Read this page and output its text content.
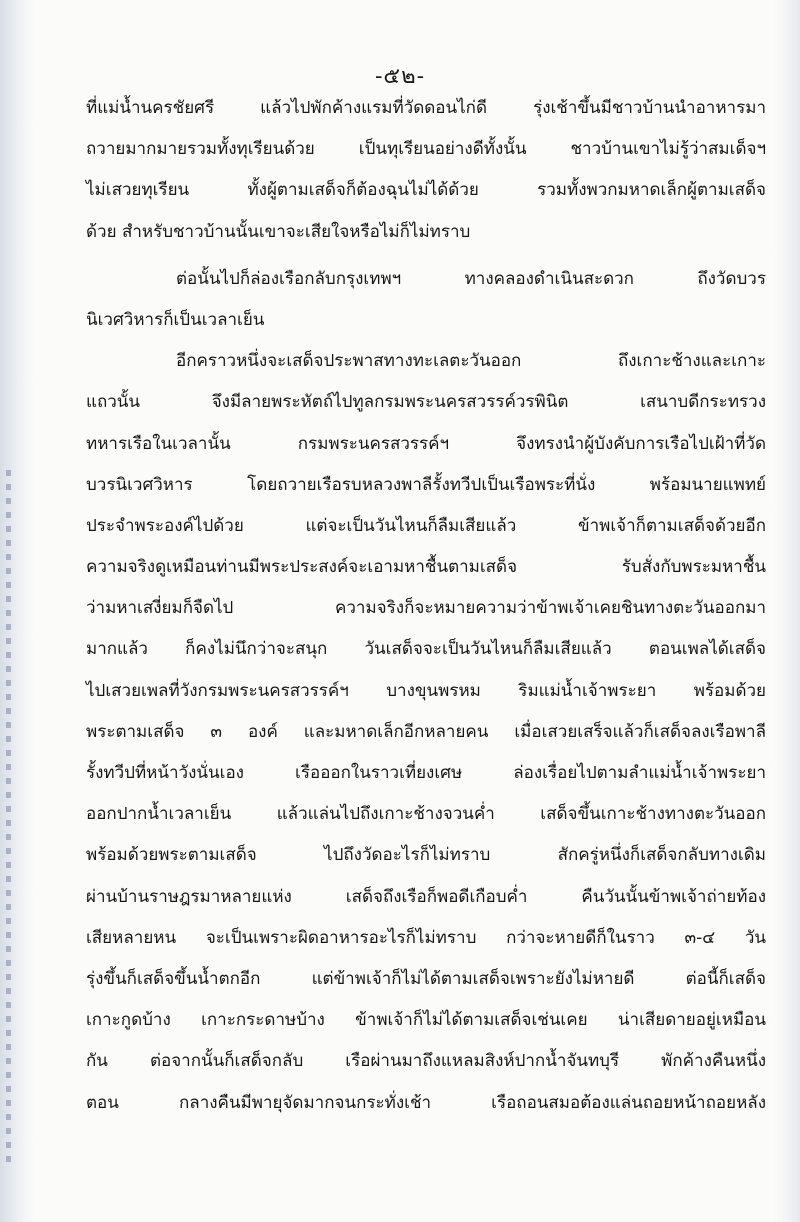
-๕๒-
ที่แม่น้ำนครชัยศรี แล้วไปพักค้างแรมที่วัดดอนไก่ดี รุ่งเช้าขึ้นมีชาวบ้านนำอาหารมา
ถวายมากมายรวมทั้งทุเรียนด้วย เป็นทุเรียนอย่างดีทั้งนั้น ชาวบ้านเขาไม่รู้ว่าสมเด็จฯ
ไม่เสวยทุเรียน ทั้งผู้ตามเสด็จก็ต้องฉุนไม่ได้ด้วย รวมทั้งพวกมหาดเล็กผู้ตามเสด็จ
ด้วย สำหรับชาวบ้านนั้นเขาจะเสียใจหรือไม่ก็ไม่ทราบ
ต่อนั้นไปก็ล่องเรือกลับกรุงเทพฯ ทางคลองดำเนินสะดวก ถึงวัดบวร
นิเวศวิหารก็เป็นเวลาเย็น
อีกคราวหนึ่งจะเสด็จประพาสทางทะเลตะวันออก ถึงเกาะช้างและเกาะ
แถวนั้น จึงมีลายพระหัตถ์ไปทูลกรมพระนครสวรรค์วรพินิต เสนาบดีกระทรวง
ทหารเรือในเวลานั้น กรมพระนครสวรรค์ฯ จึงทรงนำผู้บังคับการเรือไปเฝ้าที่วัด
บวรนิเวศวิหาร โดยถวายเรือรบหลวงพาลีรั้งทวีปเป็นเรือพระที่นั่ง พร้อมนายแพทย์
ประจำพระองค์ไปด้วย แต่จะเป็นวันไหนก็ลืมเสียแล้ว ข้าพเจ้าก็ตามเสด็จด้วยอีก
ความจริงดูเหมือนท่านมีพระประสงค์จะเอามหาชื้นตามเสด็จ รับสั่งกับพระมหาชื้น
ว่ามหาเสงี่ยมก็จืดไป ความจริงก็จะหมายความว่าข้าพเจ้าเคยชินทางตะวันออกมา
มากแล้ว ก็คงไม่นึกว่าจะสนุก วันเสด็จจะเป็นวันไหนก็ลืมเสียแล้ว ตอนเพลได้เสด็จ
ไปเสวยเพลที่วังกรมพระนครสวรรค์ฯ บางขุนพรหม ริมแม่น้ำเจ้าพระยา พร้อมด้วย
พระตามเสด็จ ๓ องค์ และมหาดเล็กอีกหลายคน เมื่อเสวยเสร็จแล้วก็เสด็จลงเรือพาลี
รั้งทวีปที่หน้าวังนั่นเอง เรือออกในราวเที่ยงเศษ ล่องเรื่อยไปตามลำแม่น้ำเจ้าพระยา
ออกปากน้ำเวลาเย็น แล้วแล่นไปถึงเกาะช้างจวนค่ำ เสด็จขึ้นเกาะช้างทางตะวันออก
พร้อมด้วยพระตามเสด็จ ไปถึงวัดอะไรก็ไม่ทราบ สักครู่หนึ่งก็เสด็จกลับทางเดิม
ผ่านบ้านราษฎรมาหลายแห่ง เสด็จถึงเรือก็พอดีเกือบค่ำ คืนวันนั้นข้าพเจ้าถ่ายท้อง
เสียหลายหน จะเป็นเพราะผิดอาหารอะไรก็ไม่ทราบ กว่าจะหายดีก็ในราว ๓-๔ วัน
รุ่งขึ้นก็เสด็จขึ้นน้ำตกอีก แต่ข้าพเจ้าก็ไม่ได้ตามเสด็จเพราะยังไม่หายดี ต่อนี้ก็เสด็จ
เกาะกูดบ้าง เกาะกระดาษบ้าง ข้าพเจ้าก็ไม่ได้ตามเสด็จเช่นเคย น่าเสียดายอยู่เหมือน
กัน ต่อจากนั้นก็เสด็จกลับ เรือผ่านมาถึงแหลมสิงห์ปากน้ำจันทบุรี พักค้างคืนหนึ่ง
ตอน กลางคืนมีพายุจัดมากจนกระทั่งเช้า เรือถอนสมอต้องแล่นถอยหน้าถอยหลัง
